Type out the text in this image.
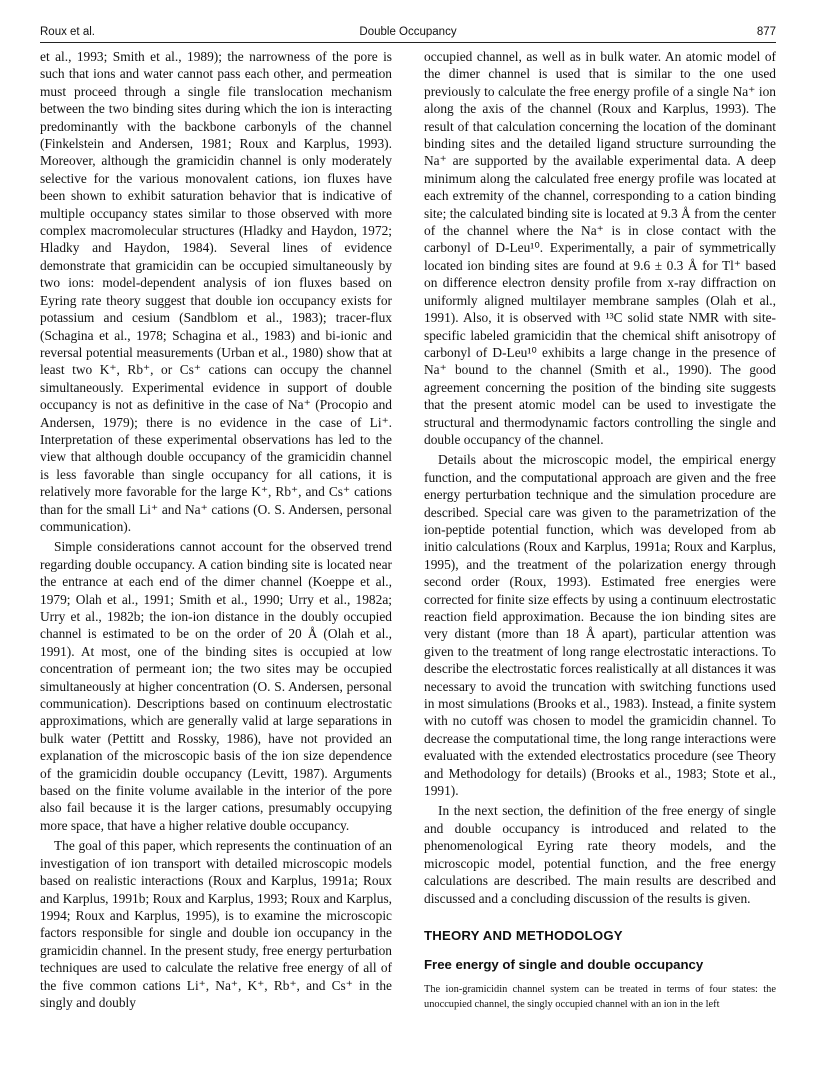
Roux et al.	Double Occupancy	877

et al., 1993; Smith et al., 1989); the narrowness of the pore is such that ions and water cannot pass each other, and permeation must proceed through a single file translocation mechanism between the two binding sites during which the ion is interacting predominantly with the backbone carbonyls of the channel (Finkelstein and Andersen, 1981; Roux and Karplus, 1993). Moreover, although the gramicidin channel is only moderately selective for the various monovalent cations, ion fluxes have been shown to exhibit saturation behavior that is indicative of multiple occupancy states similar to those observed with more complex macromolecular structures (Hladky and Haydon, 1972; Hladky and Haydon, 1984). Several lines of evidence demonstrate that gramicidin can be occupied simultaneously by two ions: model-dependent analysis of ion fluxes based on Eyring rate theory suggest that double ion occupancy exists for potassium and cesium (Sandblom et al., 1983); tracer-flux (Schagina et al., 1978; Schagina et al., 1983) and bi-ionic and reversal potential measurements (Urban et al., 1980) show that at least two K⁺, Rb⁺, or Cs⁺ cations can occupy the channel simultaneously. Experimental evidence in support of double occupancy is not as definitive in the case of Na⁺ (Procopio and Andersen, 1979); there is no evidence in the case of Li⁺. Interpretation of these experimental observations has led to the view that although double occupancy of the gramicidin channel is less favorable than single occupancy for all cations, it is relatively more favorable for the large K⁺, Rb⁺, and Cs⁺ cations than for the small Li⁺ and Na⁺ cations (O. S. Andersen, personal communication).

Simple considerations cannot account for the observed trend regarding double occupancy. A cation binding site is located near the entrance at each end of the dimer channel (Koeppe et al., 1979; Olah et al., 1991; Smith et al., 1990; Urry et al., 1982a; Urry et al., 1982b; the ion-ion distance in the doubly occupied channel is estimated to be on the order of 20 Å (Olah et al., 1991). At most, one of the binding sites is occupied at low concentration of permeant ion; the two sites may be occupied simultaneously at higher concentration (O. S. Andersen, personal communication). Descriptions based on continuum electrostatic approximations, which are generally valid at large separations in bulk water (Pettitt and Rossky, 1986), have not provided an explanation of the microscopic basis of the ion size dependence of the gramicidin double occupancy (Levitt, 1987). Arguments based on the finite volume available in the interior of the pore also fail because it is the larger cations, presumably occupying more space, that have a higher relative double occupancy.

The goal of this paper, which represents the continuation of an investigation of ion transport with detailed microscopic models based on realistic interactions (Roux and Karplus, 1991a; Roux and Karplus, 1991b; Roux and Karplus, 1993; Roux and Karplus, 1994; Roux and Karplus, 1995), is to examine the microscopic factors responsible for single and double ion occupancy in the gramicidin channel. In the present study, free energy perturbation techniques are used to calculate the relative free energy of all of the five common cations Li⁺, Na⁺, K⁺, Rb⁺, and Cs⁺ in the singly and doubly

occupied channel, as well as in bulk water. An atomic model of the dimer channel is used that is similar to the one used previously to calculate the free energy profile of a single Na⁺ ion along the axis of the channel (Roux and Karplus, 1993). The result of that calculation concerning the location of the dominant binding sites and the detailed ligand structure surrounding the Na⁺ are supported by the available experimental data. A deep minimum along the calculated free energy profile was located at each extremity of the channel, corresponding to a cation binding site; the calculated binding site is located at 9.3 Å from the center of the channel where the Na⁺ is in close contact with the carbonyl of D-Leu¹⁰. Experimentally, a pair of symmetrically located ion binding sites are found at 9.6 ± 0.3 Å for Tl⁺ based on difference electron density profile from x-ray diffraction on uniformly aligned multilayer membrane samples (Olah et al., 1991). Also, it is observed with ¹³C solid state NMR with site-specific labeled gramicidin that the chemical shift anisotropy of carbonyl of D-Leu¹⁰ exhibits a large change in the presence of Na⁺ bound to the channel (Smith et al., 1990). The good agreement concerning the position of the binding site suggests that the present atomic model can be used to investigate the structural and thermodynamic factors controlling the single and double occupancy of the channel.

Details about the microscopic model, the empirical energy function, and the computational approach are given and the free energy perturbation technique and the simulation procedure are described. Special care was given to the parametrization of the ion-peptide potential function, which was developed from ab initio calculations (Roux and Karplus, 1991a; Roux and Karplus, 1995), and the treatment of the polarization energy through second order (Roux, 1993). Estimated free energies were corrected for finite size effects by using a continuum electrostatic reaction field approximation. Because the ion binding sites are very distant (more than 18 Å apart), particular attention was given to the treatment of long range electrostatic interactions. To describe the electrostatic forces realistically at all distances it was necessary to avoid the truncation with switching functions used in most simulations (Brooks et al., 1983). Instead, a finite system with no cutoff was chosen to model the gramicidin channel. To decrease the computational time, the long range interactions were evaluated with the extended electrostatics procedure (see Theory and Methodology for details) (Brooks et al., 1983; Stote et al., 1991).

In the next section, the definition of the free energy of single and double occupancy is introduced and related to the phenomenological Eyring rate theory models, and the microscopic model, potential function, and the free energy calculations are described. The main results are described and discussed and a concluding discussion of the results is given.

THEORY AND METHODOLOGY
Free energy of single and double occupancy

The ion-gramicidin channel system can be treated in terms of four states: the unoccupied channel, the singly occupied channel with an ion in the left
